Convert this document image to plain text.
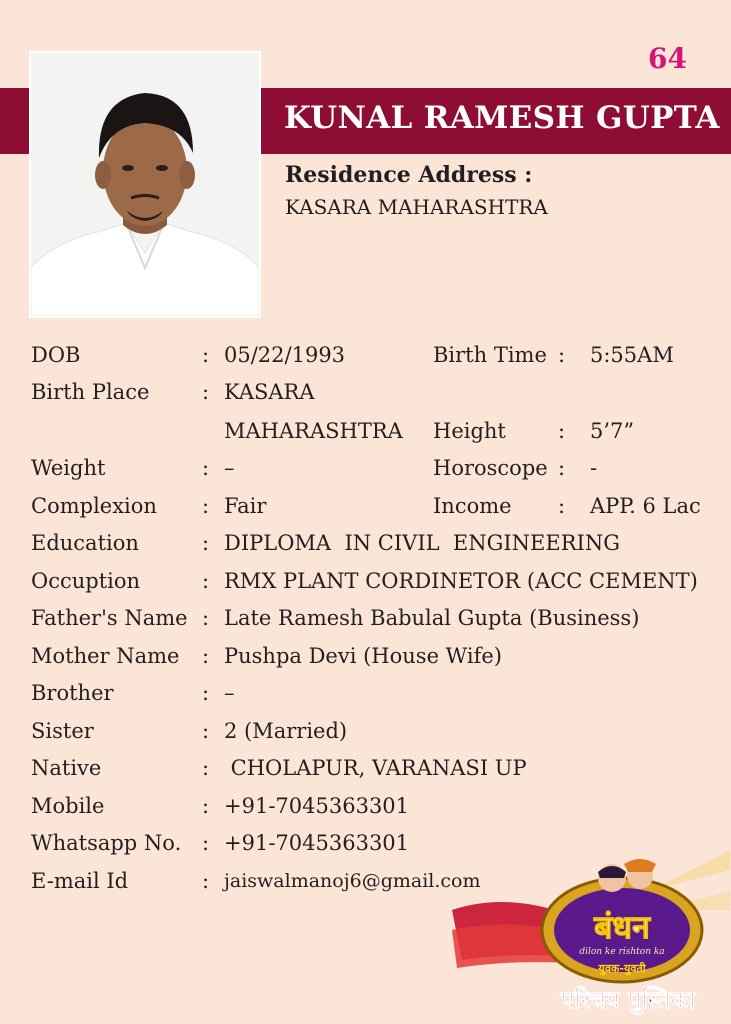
64
KUNAL RAMESH GUPTA
Residence Address :
KASARA MAHARASHTRA
DOB	: 05/22/1993	Birth Time : 5:55AM
Birth Place	: KASARA
MAHARASHTRA Height : 5’7”
Weight	: –	Horoscope : -
Complexion : Fair	Income : APP. 6 Lac
Education	: DIPLOMA  IN CIVIL  ENGINEERING
Occuption	: RMX PLANT CORDINETOR (ACC CEMENT)
Father's Name : Late Ramesh Babulal Gupta (Business)
Mother Name : Pushpa Devi (House Wife)
Brother	: –
Sister	: 2 (Married)
Native	: CHOLAPUR, VARANASI UP
Mobile	: +91-7045363301
Whatsapp No. : +91-7045363301
E-mail Id	: jaiswalmanoj6@gmail.com
बंधन
dilon ke rishton ka
युवक-युवती
परिचय पुस्तिका
